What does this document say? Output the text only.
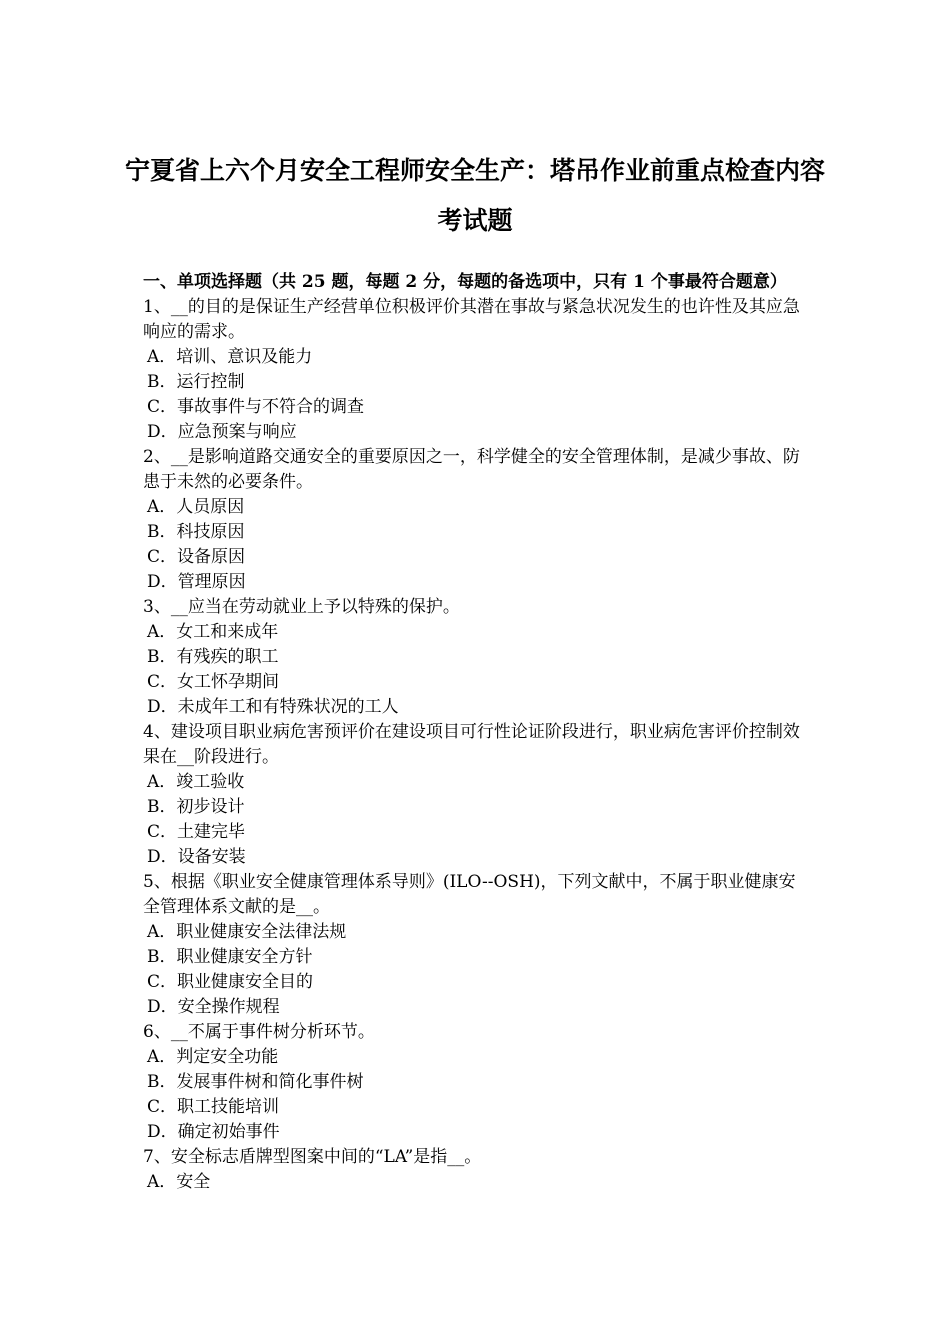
宁夏省上六个月安全工程师安全生产：塔吊作业前重点检查内容考试题

一、单项选择题（共 25 题，每题 2 分，每题的备选项中，只有 1 个事最符合题意）

1、__的目的是保证生产经营单位积极评价其潜在事故与紧急状况发生的也许性及其应急响应的需求。

A．培训、意识及能力

B．运行控制

C．事故事件与不符合的调查

D．应急预案与响应

2、__是影响道路交通安全的重要原因之一，科学健全的安全管理体制，是减少事故、防患于未然的必要条件。

A．人员原因

B．科技原因

C．设备原因

D．管理原因

3、__应当在劳动就业上予以特殊的保护。

A．女工和来成年

B．有残疾的职工

C．女工怀孕期间

D．未成年工和有特殊状况的工人

4、建设项目职业病危害预评价在建设项目可行性论证阶段进行，职业病危害评价控制效果在__阶段进行。

A．竣工验收

B．初步设计

C．土建完毕

D．设备安装

5、根据《职业安全健康管理体系导则》(ILO--OSH)，下列文献中，不属于职业健康安全管理体系文献的是__。

A．职业健康安全法律法规

B．职业健康安全方针

C．职业健康安全目的

D．安全操作规程

6、__不属于事件树分析环节。

A．判定安全功能

B．发展事件树和简化事件树

C．职工技能培训

D．确定初始事件

7、安全标志盾牌型图案中间的“LA”是指__。

A．安全
